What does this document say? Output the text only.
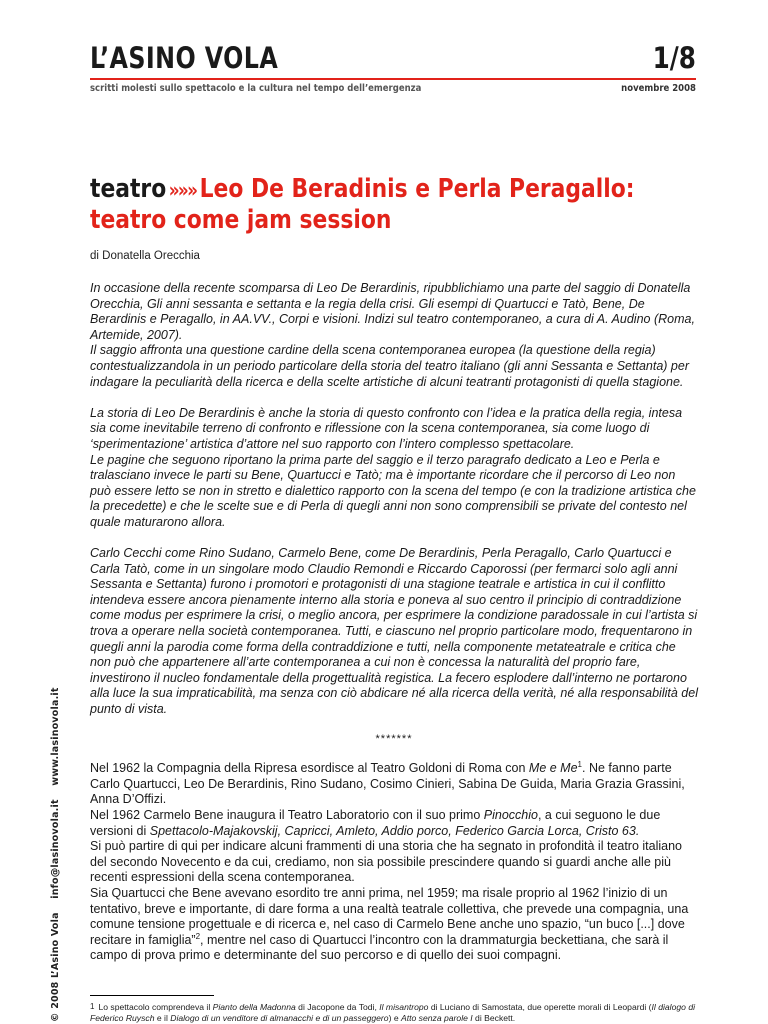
L’ASINO VOLA	1/8
scritti molesti sullo spettacolo e la cultura nel tempo dell’emergenza	novembre 2008
teatro »»» Leo De Beradinis e Perla Peragallo:
teatro come jam session
di Donatella Orecchia

In occasione della recente scomparsa di Leo De Berardinis, ripubblichiamo una parte del saggio di Donatella Orecchia, Gli anni sessanta e settanta e la regia della crisi. Gli esempi di Quartucci e Tatò, Bene, De Berardinis e Peragallo, in AA.VV., Corpi e visioni. Indizi sul teatro contemporaneo, a cura di A. Audino (Roma, Artemide, 2007).

Il saggio affronta una questione cardine della scena contemporanea europea (la questione della regia) contestualizzandola in un periodo particolare della storia del teatro italiano (gli anni Sessanta e Settanta) per indagare la peculiarità della ricerca e della scelte artistiche di alcuni teatranti protagonisti di quella stagione.

La storia di Leo De Berardinis è anche la storia di questo confronto con l’idea e la pratica della regia, intesa sia come inevitabile terreno di confronto e riflessione con la scena contemporanea, sia come luogo di ‘sperimentazione’ artistica d’attore nel suo rapporto con l’intero complesso spettacolare.

Le pagine che seguono riportano la prima parte del saggio e il terzo paragrafo dedicato a Leo e Perla e tralasciano invece le parti su Bene, Quartucci e Tatò; ma è importante ricordare che il percorso di Leo non può essere letto se non in stretto e dialettico rapporto con la scena del tempo (e con la tradizione artistica che la precedette) e che le scelte sue e di Perla di quegli anni non sono comprensibili se private del contesto nel quale maturarono allora.

Carlo Cecchi come Rino Sudano, Carmelo Bene, come De Berardinis, Perla Peragallo, Carlo Quartucci e Carla Tatò, come in un singolare modo Claudio Remondi e Riccardo Caporossi (per fermarci solo agli anni Sessanta e Settanta) furono i promotori e protagonisti di una stagione teatrale e artistica in cui il conflitto intendeva essere ancora pienamente interno alla storia e poneva al suo centro il principio di contraddizione come modus per esprimere la crisi, o meglio ancora, per esprimere la condizione paradossale in cui l’artista si trova a operare nella società contemporanea. Tutti, e ciascuno nel proprio particolare modo, frequentarono in quegli anni la parodia come forma della contraddizione e tutti, nella componente metateatrale e critica che non può che appartenere all’arte contemporanea a cui non è concessa la naturalità del proprio fare, investirono il nucleo fondamentale della progettualità registica. La fecero esplodere dall’interno ne portarono alla luce la sua impraticabilità, ma senza con ciò abdicare né alla ricerca della verità, né alla responsabilità del punto di vista.

*******

Nel 1962 la Compagnia della Ripresa esordisce al Teatro Goldoni di Roma con Me e Me$^1$. Ne fanno parte Carlo Quartucci, Leo De Berardinis, Rino Sudano, Cosimo Cinieri, Sabina De Guida, Maria Grazia Grassini, Anna D’Offizi.

Nel 1962 Carmelo Bene inaugura il Teatro Laboratorio con il suo primo Pinocchio, a cui seguono le due versioni di Spettacolo-Majakovskij, Capricci, Amleto, Addio porco, Federico Garcia Lorca, Cristo 63.

Si può partire di qui per indicare alcuni frammenti di una storia che ha segnato in profondità il teatro italiano del secondo Novecento e da cui, crediamo, non sia possibile prescindere quando si guardi anche alle più recenti espressioni della scena contemporanea.

Sia Quartucci che Bene avevano esordito tre anni prima, nel 1959; ma risale proprio al 1962 l’inizio di un tentativo, breve e importante, di dare forma a una realtà teatrale collettiva, che prevede una compagnia, una comune tensione progettuale e di ricerca e, nel caso di Carmelo Bene anche uno spazio, “un buco [...] dove recitare in famiglia”$^2$, mentre nel caso di Quartucci l’incontro con la drammaturgia beckettiana, che sarà il campo di prova primo e determinante del suo percorso e di quello dei suoi compagni.

1 Lo spettacolo comprendeva il Pianto della Madonna di Jacopone da Todi, Il misantropo di Luciano di Samostata, due operette morali di Leopardi (Il dialogo di Federico Ruysch e il Dialogo di un venditore di almanacchi e di un passeggero) e Atto senza parole I di Beckett.
© 2008 L’Asino Vola info@lasinovola.it www.lasinovola.it
